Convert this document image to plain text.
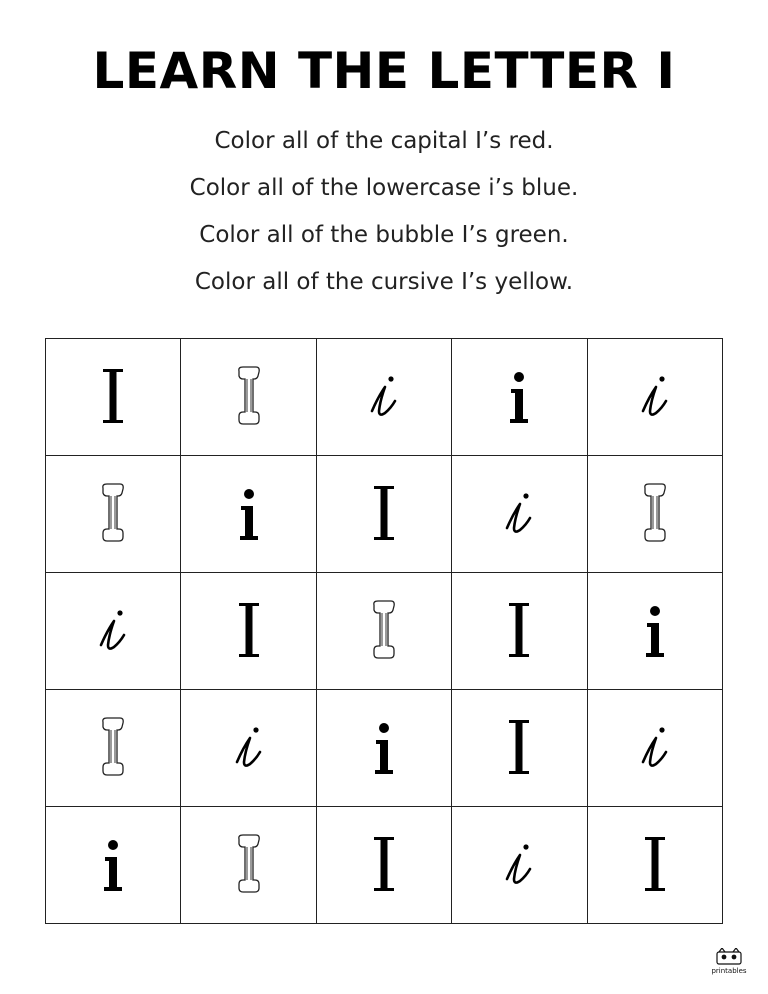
LEARN THE LETTER I
Color all of the capital I’s red.
Color all of the lowercase i’s blue.
Color all of the bubble I’s green.
Color all of the cursive I’s yellow.
printables
